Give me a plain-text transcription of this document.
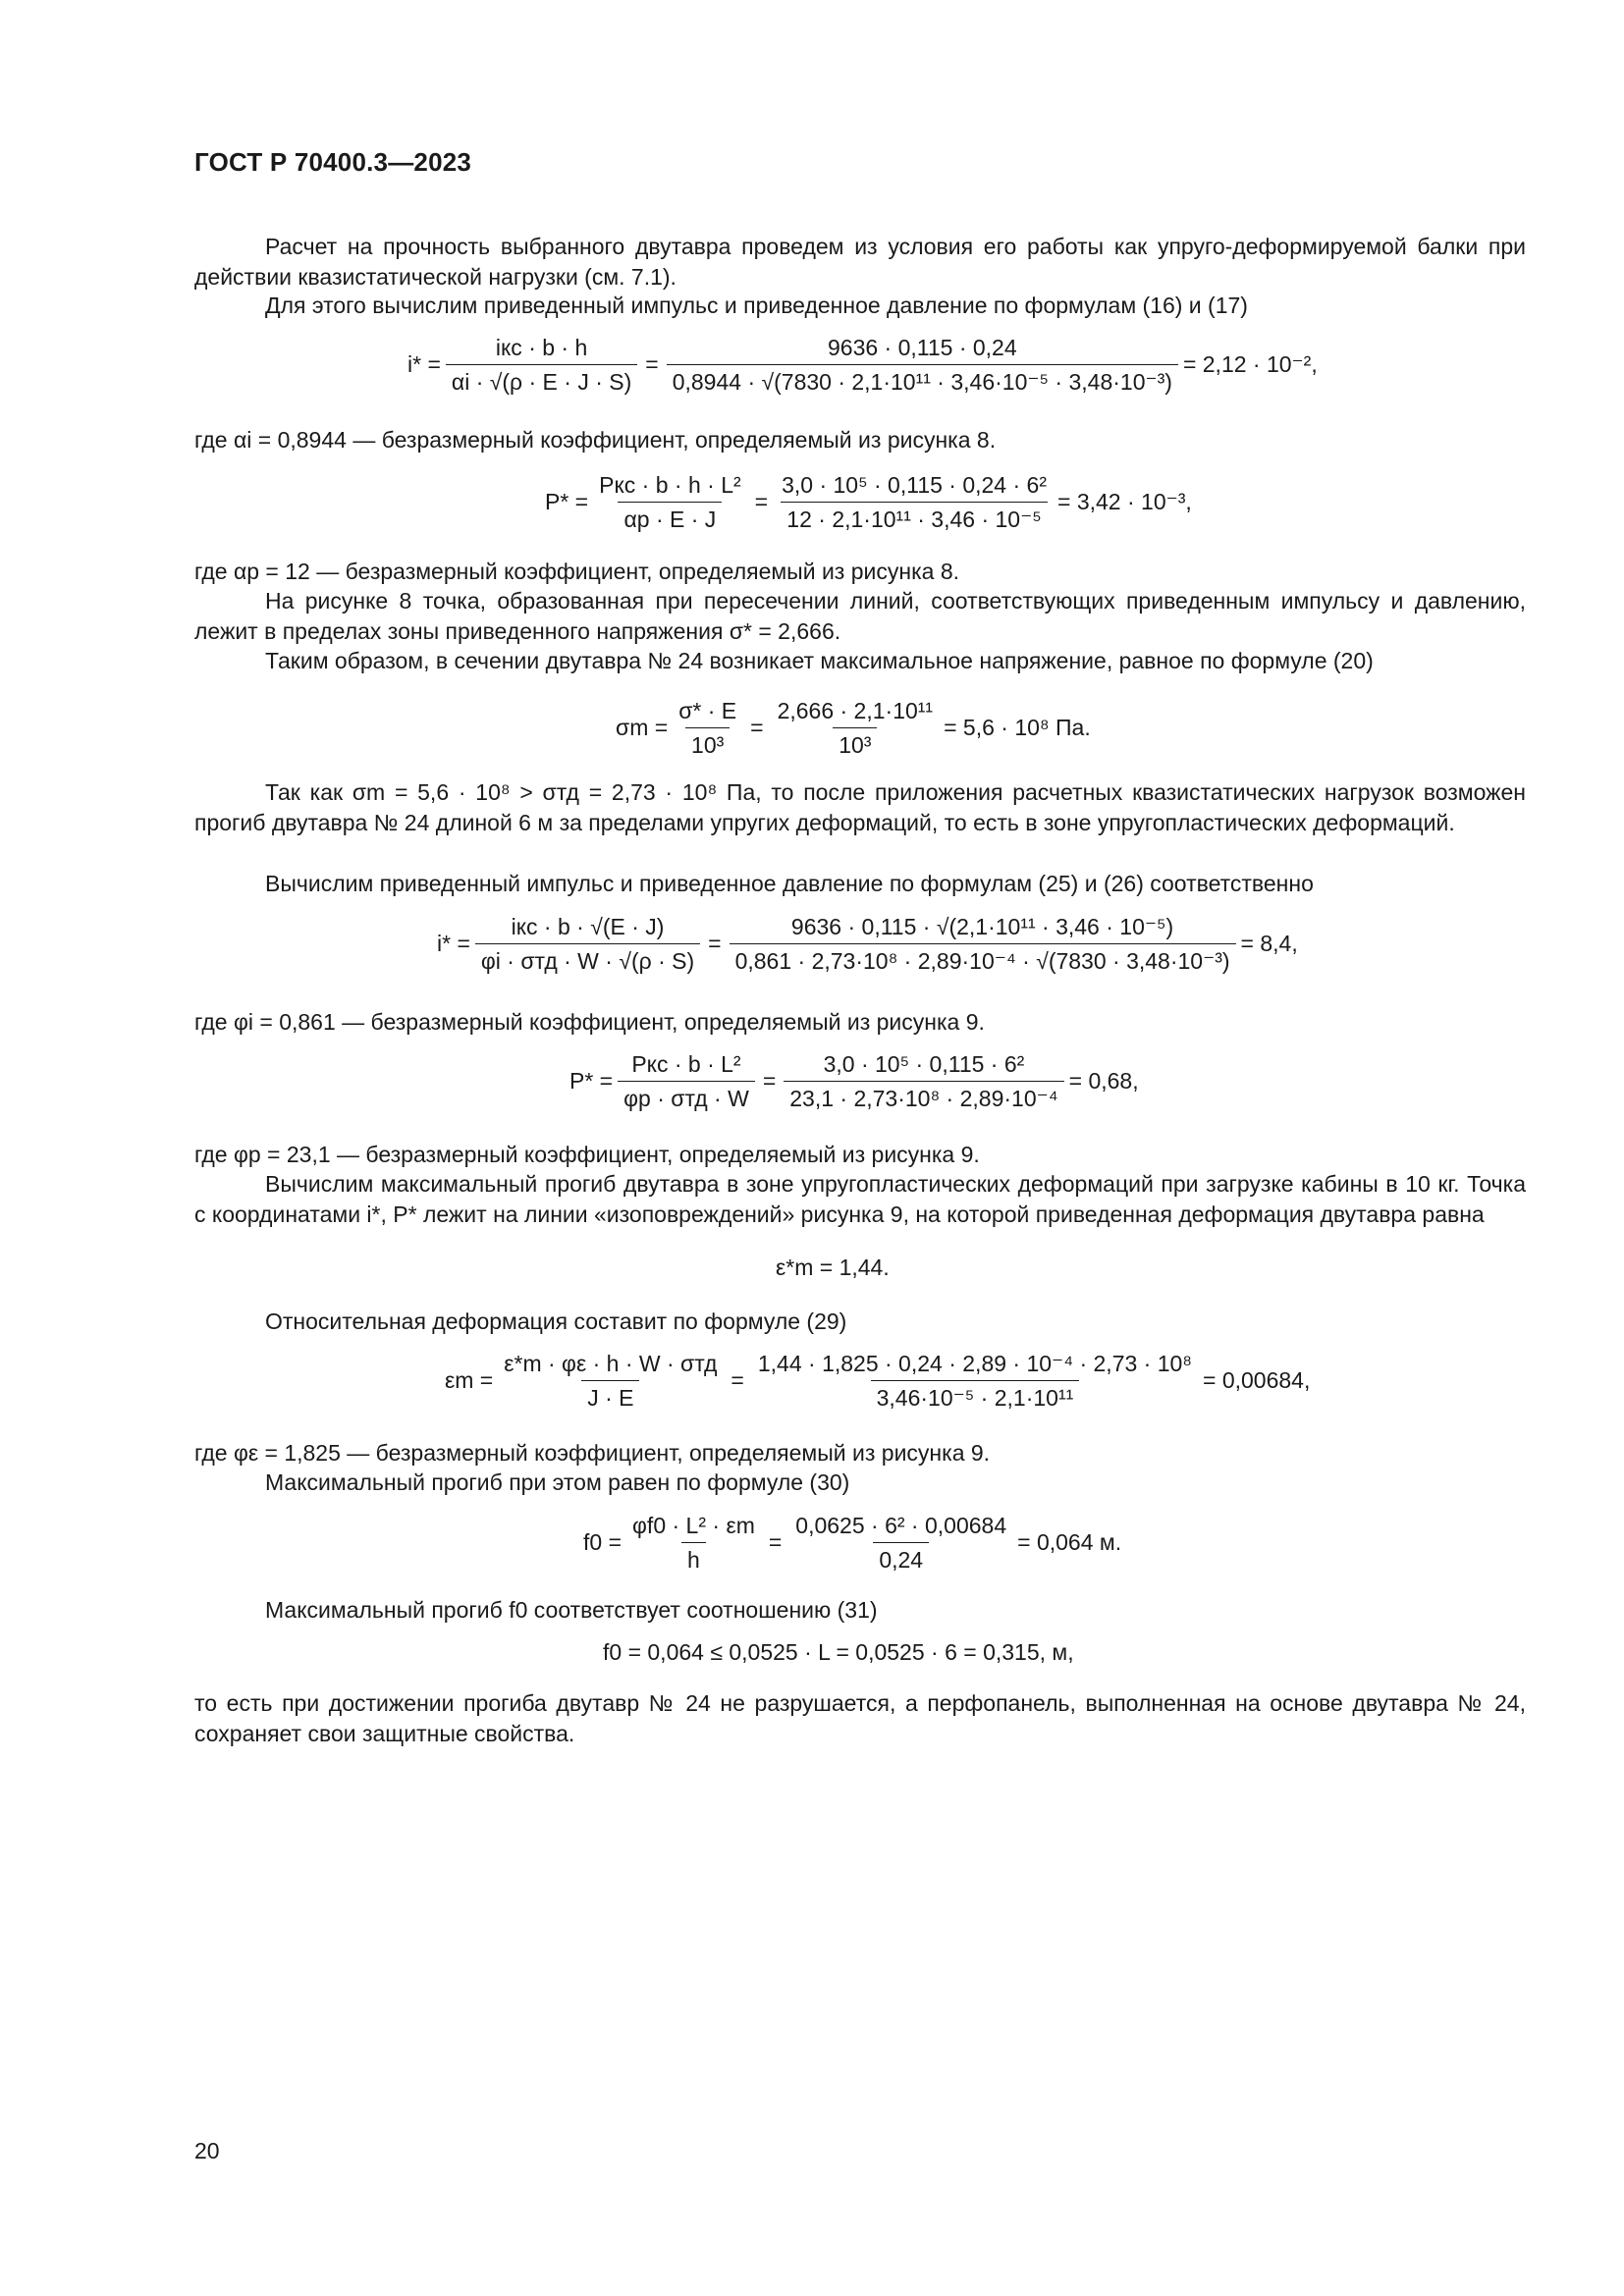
ГОСТ Р 70400.3—2023
Расчет на прочность выбранного двутавра проведем из условия его работы как упруго-деформируемой балки при действии квазистатической нагрузки (см. 7.1).
Для этого вычислим приведенный импульс и приведенное давление по формулам (16) и (17)
$i* = \frac{\text{iкс · b · h}}{\alpha i \cdot √(\rho \cdot E \cdot J \cdot S)} = \frac{9636 \cdot 0,115 \cdot 0,24}{\text{0,8944 · √(7830 · 2,1·10¹¹ · 3,46·10⁻⁵ · 3,48·10⁻³)}} = 2,12 \cdot 10^{-2}$,
где αi = 0,8944 — безразмерный коэффициент, определяемый из рисунка 8.
$P* = \frac{\text{Pкс · b · h · L²}}{\alpha p \cdot E \cdot J} = \frac{\text{3,0 · 10⁵ · 0,115 · 0,24 · 6²}}{\text{12 · 2,1·10¹¹ · 3,46 · 10⁻⁵}} = 3,42 \cdot 10^{-3}$,
где αp = 12 — безразмерный коэффициент, определяемый из рисунка 8.
На рисунке 8 точка, образованная при пересечении линий, соответствующих приведенным импульсу и давлению, лежит в пределах зоны приведенного напряжения σ* = 2,666.
Таким образом, в сечении двутавра № 24 возникает максимальное напряжение, равное по формуле (20)
$\sigma m = \frac{\sigma* \cdot E}{\text{10³}} = \frac{\text{2,666 · 2,1·10¹¹}}{\text{10³}} = 5,6 \cdot 10^8$ Па.
Так как σm = 5,6 · 10⁸ > σтд = 2,73 · 10⁸ Па, то после приложения расчетных квазистатических нагрузок возможен прогиб двутавра № 24 длиной 6 м за пределами упругих деформаций, то есть в зоне упругопластических деформаций.
Вычислим приведенный импульс и приведенное давление по формулам (25) и (26) соответственно
$i* = \frac{\text{iкс · b · √(E · J)}}{\text{φi · σтд · W · √(ρ · S)}} = \frac{\text{9636 · 0,115 · √(2,1·10¹¹ · 3,46 · 10⁻⁵)}}{\text{0,861 · 2,73·10⁸ · 2,89·10⁻⁴ · √(7830 · 3,48·10⁻³)}} = 8,4$,
где φi = 0,861 — безразмерный коэффициент, определяемый из рисунка 9.
$P* = \frac{\text{Pкс · b · L²}}{\text{φp · σтд · W}} = \frac{\text{3,0 · 10⁵ · 0,115 · 6²}}{\text{23,1 · 2,73·10⁸ · 2,89·10⁻⁴}} = 0,68$,
где φp = 23,1 — безразмерный коэффициент, определяемый из рисунка 9.
Вычислим максимальный прогиб двутавра в зоне упругопластических деформаций при загрузке кабины в 10 кг. Точка с координатами i*, P* лежит на линии «изоповреждений» рисунка 9, на которой приведенная деформация двутавра равна
ε*m = 1,44.
Относительная деформация составит по формуле (29)
$\varepsilon m = \frac{\text{ε*m · φε · h · W · σтд}}{J \cdot E} = \frac{\text{1,44 · 1,825 · 0,24 · 2,89 · 10⁻⁴ · 2,73 · 10⁸}}{\text{3,46·10⁻⁵ · 2,1·10¹¹}} = 0,00684$,
где φε = 1,825 — безразмерный коэффициент, определяемый из рисунка 9.
Максимальный прогиб при этом равен по формуле (30)
$f0 = \frac{\text{φf0 · L² · εm}}{h} = \frac{\text{0,0625 · 6² · 0,00684}}{0,24} = 0,064$ м.
Максимальный прогиб f0 соответствует соотношению (31)
f0 = 0,064 ≤ 0,0525 · L = 0,0525 · 6 = 0,315, м,
то есть при достижении прогиба двутавр № 24 не разрушается, а перфопанель, выполненная на основе двутавра № 24, сохраняет свои защитные свойства.
20
